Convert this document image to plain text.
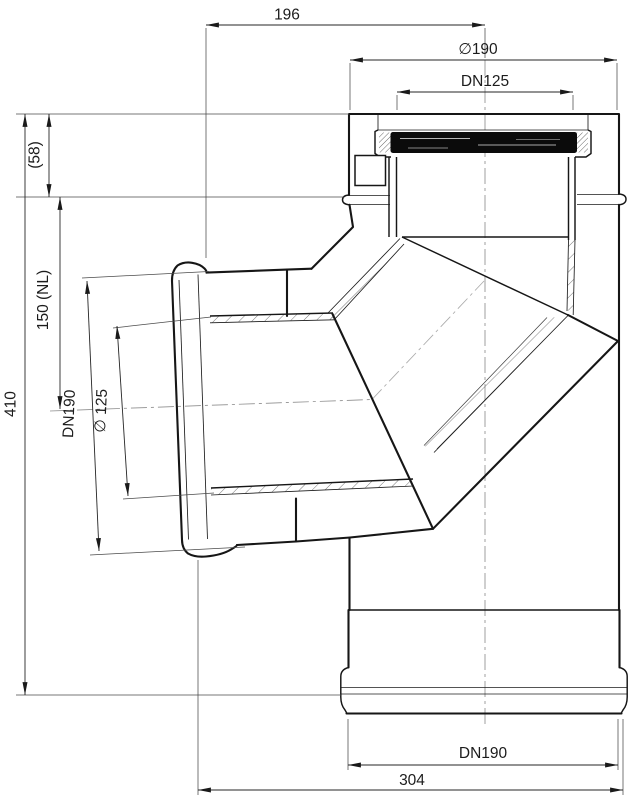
196
∅190
DN125
(58)
150 (NL)
410	DN190 ∅ 125
DN190
304
